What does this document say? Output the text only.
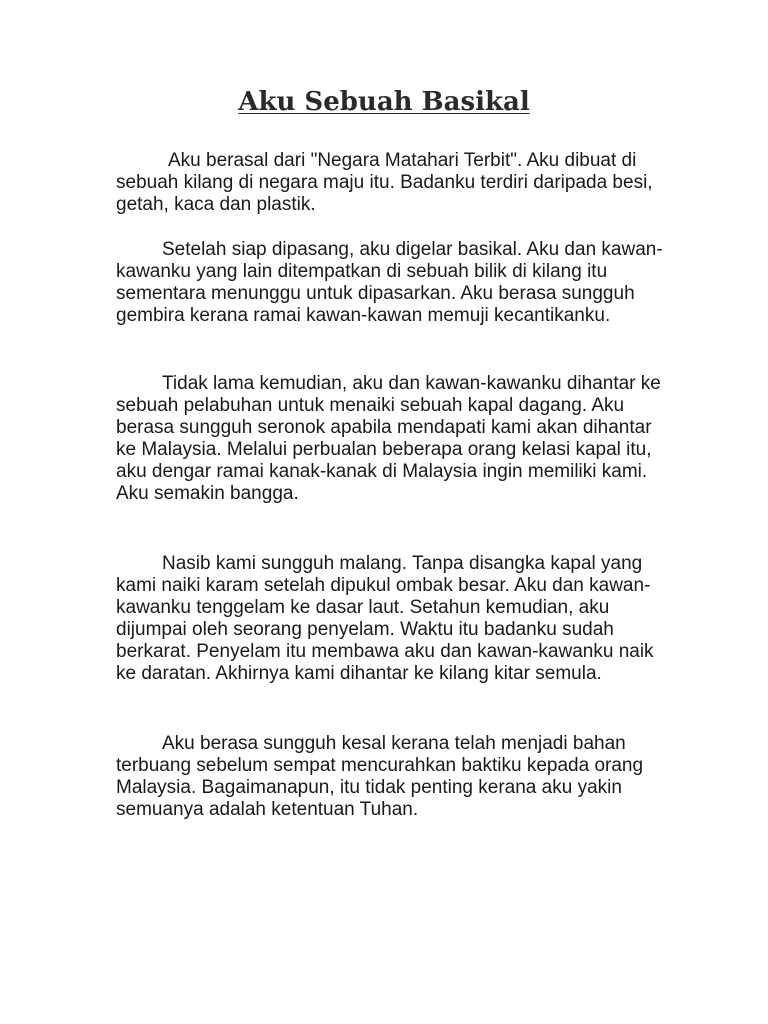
Aku Sebuah Basikal

Aku berasal dari "Negara Matahari Terbit". Aku dibuat di sebuah kilang di negara maju itu. Badanku terdiri daripada besi, getah, kaca dan plastik.

Setelah siap dipasang, aku digelar basikal. Aku dan kawan-kawanku yang lain ditempatkan di sebuah bilik di kilang itu sementara menunggu untuk dipasarkan. Aku berasa sungguh gembira kerana ramai kawan-kawan memuji kecantikanku.

Tidak lama kemudian, aku dan kawan-kawanku dihantar ke sebuah pelabuhan untuk menaiki sebuah kapal dagang. Aku berasa sungguh seronok apabila mendapati kami akan dihantar ke Malaysia. Melalui perbualan beberapa orang kelasi kapal itu, aku dengar ramai kanak-kanak di Malaysia ingin memiliki kami. Aku semakin bangga.

Nasib kami sungguh malang. Tanpa disangka kapal yang kami naiki karam setelah dipukul ombak besar. Aku dan kawan-kawanku tenggelam ke dasar laut. Setahun kemudian, aku dijumpai oleh seorang penyelam. Waktu itu badanku sudah berkarat. Penyelam itu membawa aku dan kawan-kawanku naik ke daratan. Akhirnya kami dihantar ke kilang kitar semula.

Aku berasa sungguh kesal kerana telah menjadi bahan terbuang sebelum sempat mencurahkan baktiku kepada orang Malaysia. Bagaimanapun, itu tidak penting kerana aku yakin semuanya adalah ketentuan Tuhan.
